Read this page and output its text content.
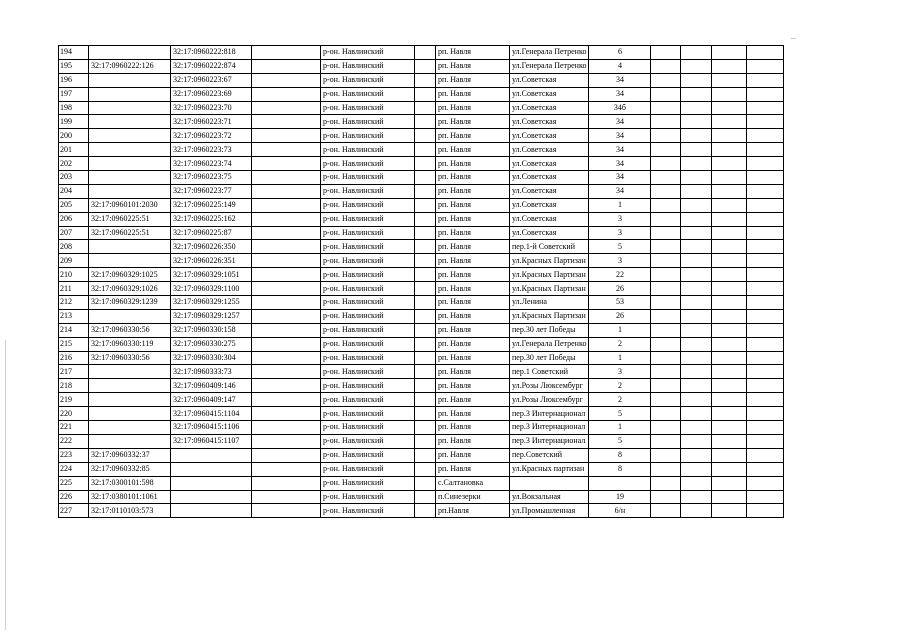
194		32:17:0960222:818		р-он. Навлинский		рп. Навля	ул.Генерала Петренко	6				
195	32:17:0960222:126	32:17:0960222:874		р-он. Навлинский		рп. Навля	ул.Генерала Петренко	4				
196		32:17:0960223:67		р-он. Навлинский		рп. Навля	ул.Советская	34				
197		32:17:0960223:69		р-он. Навлинский		рп. Навля	ул.Советская	34				
198		32:17:0960223:70		р-он. Навлинский		рп. Навля	ул.Советская	34б				
199		32:17:0960223:71		р-он. Навлинский		рп. Навля	ул.Советская	34				
200		32:17:0960223:72		р-он. Навлинский		рп. Навля	ул.Советская	34				
201		32:17:0960223:73		р-он. Навлинский		рп. Навля	ул.Советская	34				
202		32:17:0960223:74		р-он. Навлинский		рп. Навля	ул.Советская	34				
203		32:17:0960223:75		р-он. Навлинский		рп. Навля	ул.Советская	34				
204		32:17:0960223:77		р-он. Навлинский		рп. Навля	ул.Советская	34				
205	32:17:0960101:2030	32:17:0960225:149		р-он. Навлинский		рп. Навля	ул.Советская	1				
206	32:17:0960225:51	32:17:0960225:162		р-он. Навлинский		рп. Навля	ул.Советская	3				
207	32:17:0960225:51	32:17:0960225:87		р-он. Навлинский		рп. Навля	ул.Советская	3				
208		32:17:0960226:350		р-он. Навлинский		рп. Навля	пер.1-й Советский	5				
209		32:17:0960226:351		р-он. Навлинский		рп. Навля	ул.Красных Партизан	3				
210	32:17:0960329:1025	32:17:0960329:1051		р-он. Навлинский		рп. Навля	ул.Красных Партизан	22				
211	32:17:0960329:1026	32:17:0960329:1100		р-он. Навлинский		рп. Навля	ул.Красных Партизан	26				
212	32:17:0960329:1239	32:17:0960329:1255		р-он. Навлинский		рп. Навля	ул.Ленина	53				
213		32:17:0960329:1257		р-он. Навлинский		рп. Навля	ул.Красных Партизан	26				
214	32:17:0960330:56	32:17:0960330:158		р-он. Навлинский		рп. Навля	пер.30 лет Победы	1				
215	32:17:0960330:119	32:17:0960330:275		р-он. Навлинский		рп. Навля	ул.Генерала Петренко	2				
216	32:17:0960330:56	32:17:0960330:304		р-он. Навлинский		рп. Навля	пер.30 лет Победы	1				
217		32:17:0960333:73		р-он. Навлинский		рп. Навля	пер.1 Советский	3				
218		32:17:0960409:146		р-он. Навлинский		рп. Навля	ул.Розы Люксембург	2				
219		32:17:0960409:147		р-он. Навлинский		рп. Навля	ул.Розы Люксембург	2				
220		32:17:0960415:1104		р-он. Навлинский		рп. Навля	пер.3 Интернационал	5				
221		32:17:0960415:1106		р-он. Навлинский		рп. Навля	пер.3 Интернационал	1				
222		32:17:0960415:1107		р-он. Навлинский		рп. Навля	пер.3 Интернационал	5				
223	32:17:0960332:37			р-он. Навлинский		рп. Навля	пер.Советский	8				
224	32:17:0960332:85			р-он. Навлинский		рп. Навля	ул.Красных партизан	8				
225	32:17:0300101:598			р-он. Навлинский		с.Салтановка						
226	32:17:0380101:1061			р-он. Навлинский		п.Синезерки	ул.Вокзальная	19				
227	32:17:0110103:573			р-он. Навлинский		рп.Навля	ул.Промышленная	6/н				
